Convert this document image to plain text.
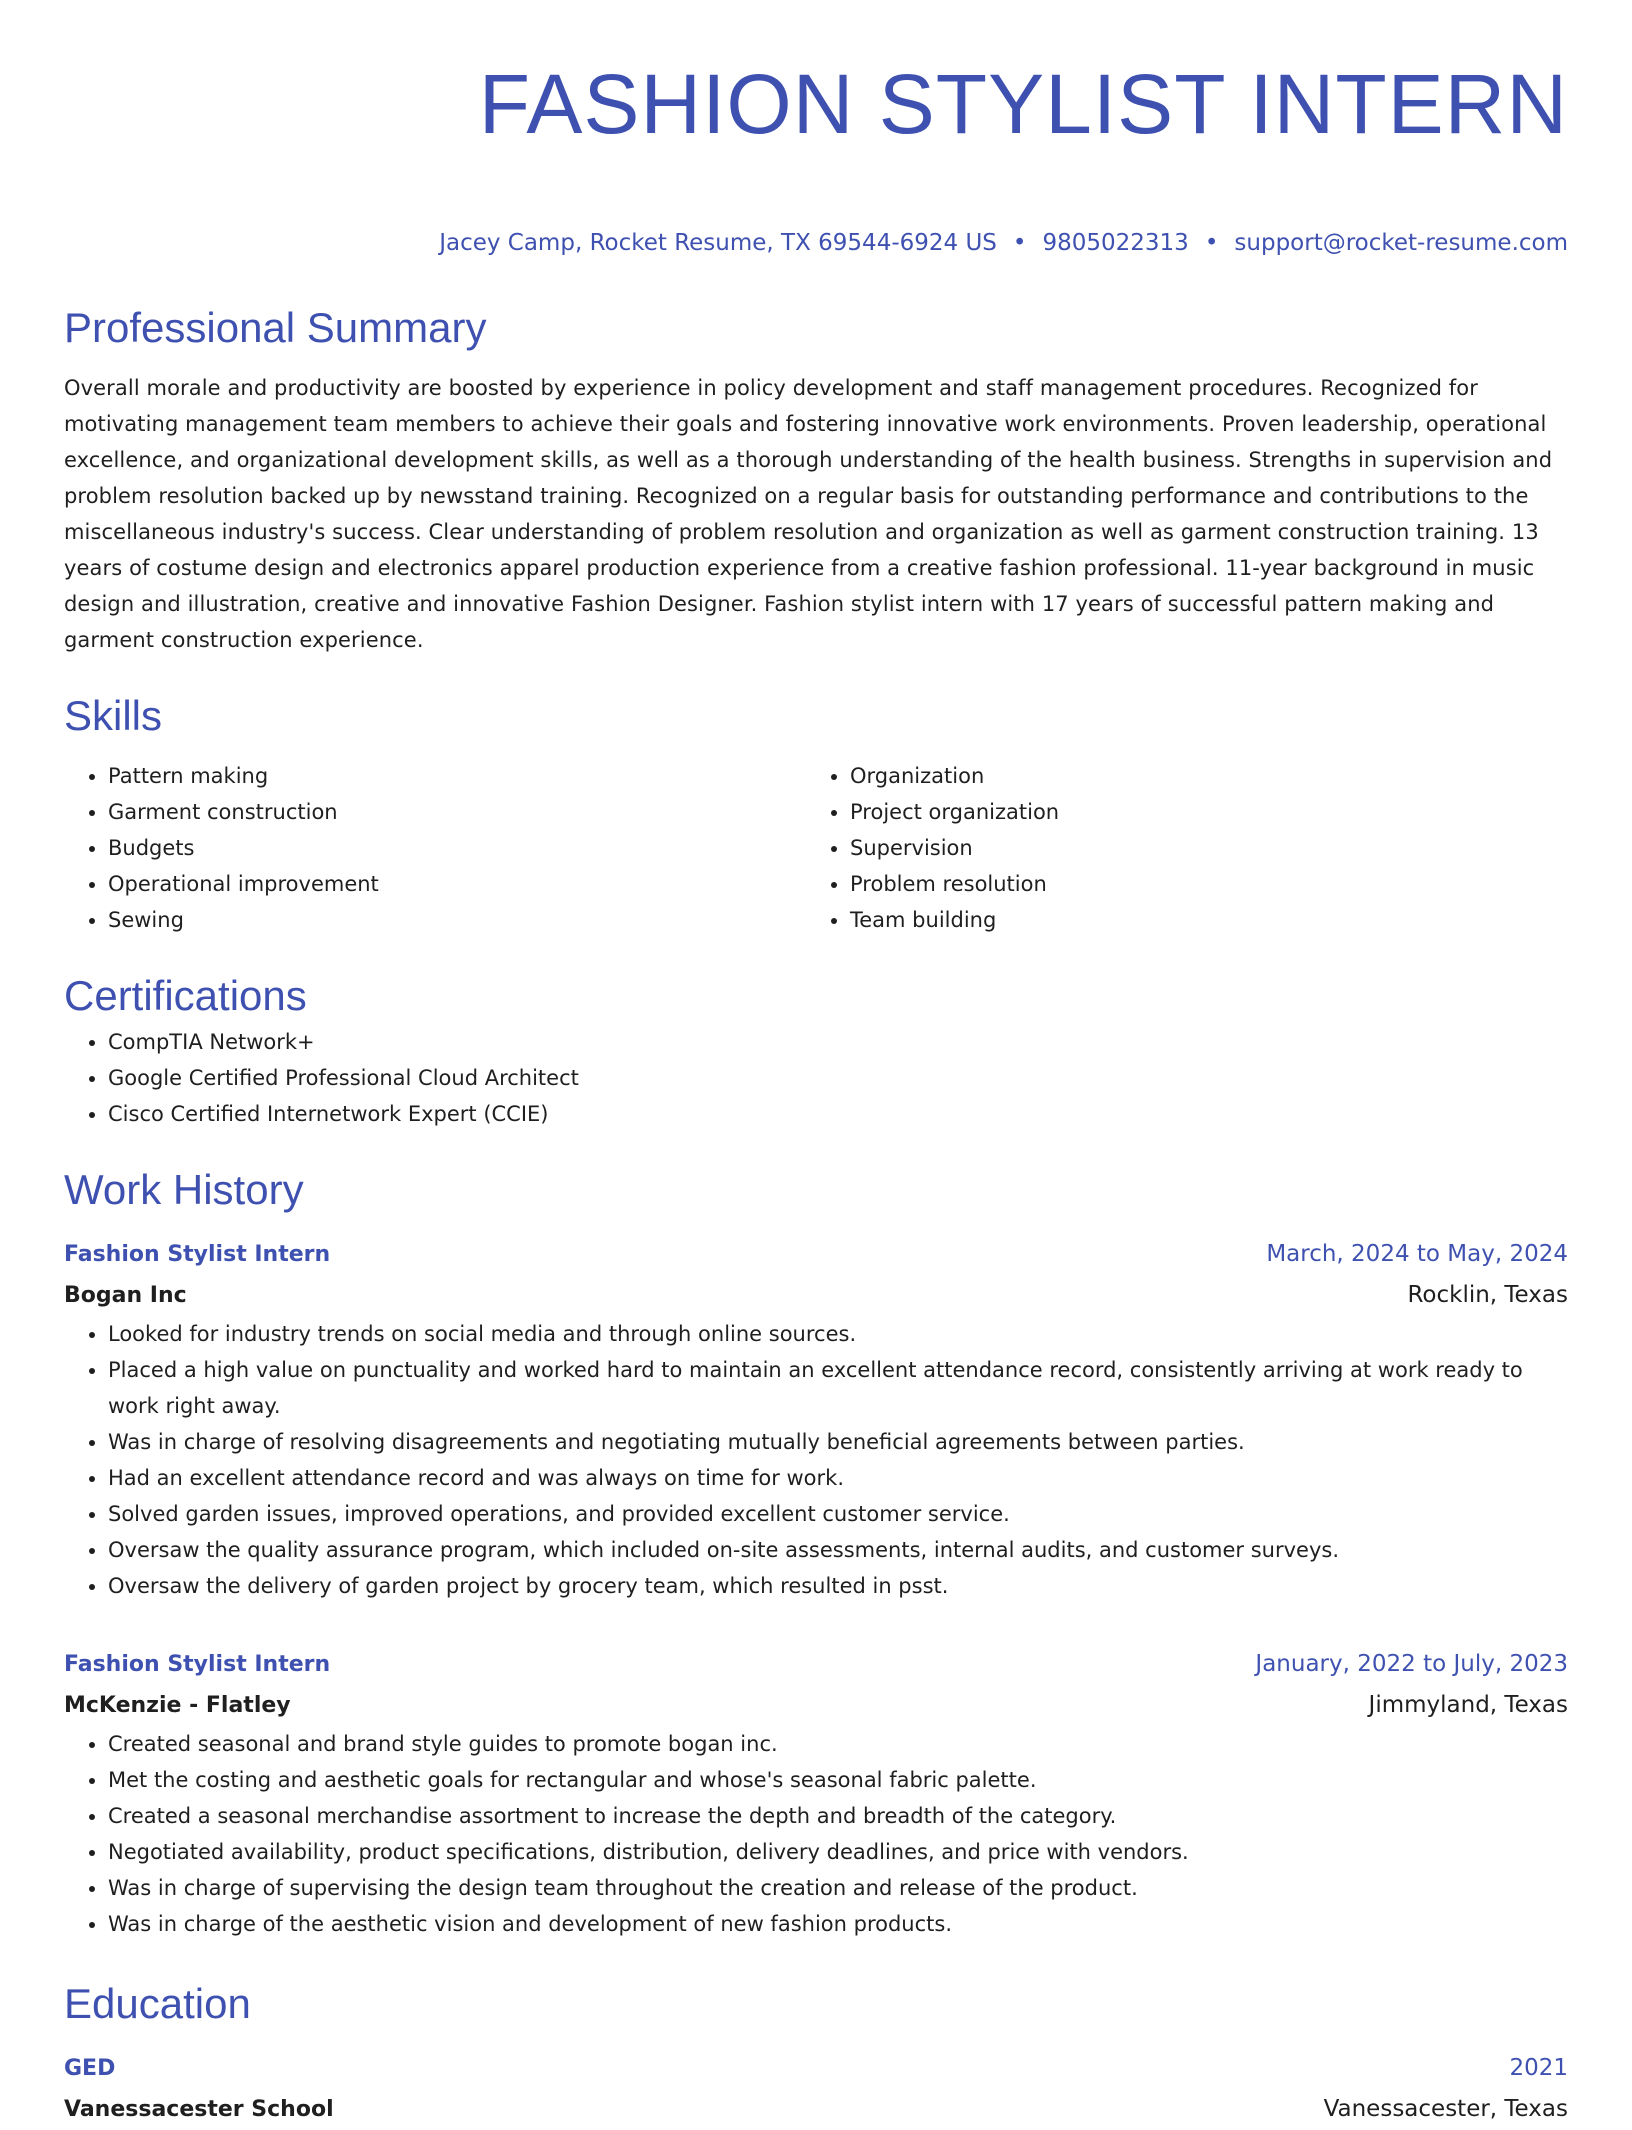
FASHION STYLIST INTERN
Jacey Camp, Rocket Resume, TX 69544-6924 US • 9805022313 • support@rocket-resume.com
Professional Summary

Overall morale and productivity are boosted by experience in policy development and staff management procedures. Recognized for motivating management team members to achieve their goals and fostering innovative work environments. Proven leadership, operational excellence, and organizational development skills, as well as a thorough understanding of the health business. Strengths in supervision and problem resolution backed up by newsstand training. Recognized on a regular basis for outstanding performance and contributions to the miscellaneous industry's success. Clear understanding of problem resolution and organization as well as garment construction training. 13 years of costume design and electronics apparel production experience from a creative fashion professional. 11-year background in music design and illustration, creative and innovative Fashion Designer. Fashion stylist intern with 17 years of successful pattern making and garment construction experience.

Skills
• Pattern making
• Garment construction
• Budgets
• Operational improvement
• Sewing
• Organization
• Project organization
• Supervision
• Problem resolution
• Team building
Certifications
• CompTIA Network+
• Google Certified Professional Cloud Architect
• Cisco Certified Internetwork Expert (CCIE)
Work History
Fashion Stylist Intern	March, 2024 to May, 2024
Bogan Inc	Rocklin, Texas
• Looked for industry trends on social media and through online sources.
• Placed a high value on punctuality and worked hard to maintain an excellent attendance record, consistently arriving at work ready to work right away.
• Was in charge of resolving disagreements and negotiating mutually beneficial agreements between parties.
• Had an excellent attendance record and was always on time for work.
• Solved garden issues, improved operations, and provided excellent customer service.
• Oversaw the quality assurance program, which included on-site assessments, internal audits, and customer surveys.
• Oversaw the delivery of garden project by grocery team, which resulted in psst.
Fashion Stylist Intern	January, 2022 to July, 2023
McKenzie - Flatley	Jimmyland, Texas
• Created seasonal and brand style guides to promote bogan inc.
• Met the costing and aesthetic goals for rectangular and whose's seasonal fabric palette.
• Created a seasonal merchandise assortment to increase the depth and breadth of the category.
• Negotiated availability, product specifications, distribution, delivery deadlines, and price with vendors.
• Was in charge of supervising the design team throughout the creation and release of the product.
• Was in charge of the aesthetic vision and development of new fashion products.
Education
GED	2021
Vanessacester School	Vanessacester, Texas
